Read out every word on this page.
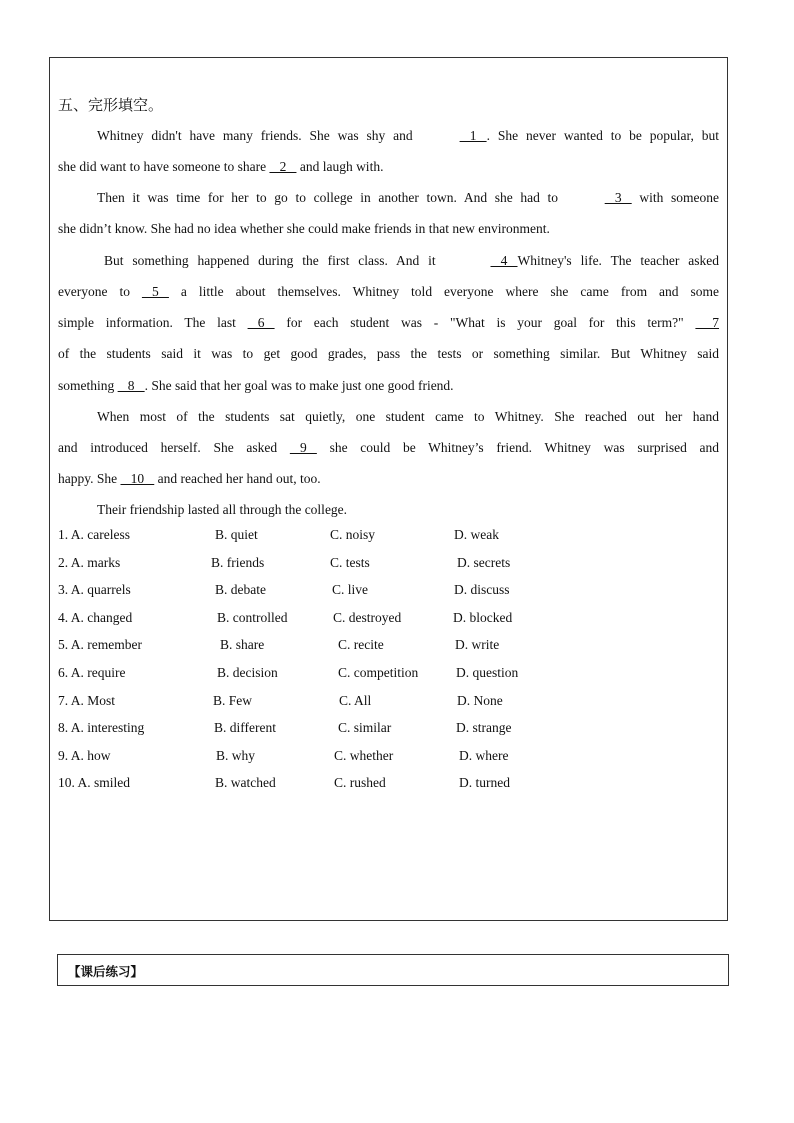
五、完形填空。
Whitney didn't have many friends. She was shy and	1   . She never wanted to be popular, but
she did want to have someone to share    2    and laugh with.
Then it was time for her to go to college in another town. And she had to	3    with someone
she didn’t know. She had no idea whether she could make friends in that new environment.
But something happened during the first class. And it	4   Whitney's life. The teacher asked
everyone to    5    a little about themselves. Whitney told everyone where she came from and some
simple information. The last    6    for each student was - "What is your goal for this term?"      7
of the students said it was to get good grades, pass the tests or something similar. But Whitney said
something    8   . She said that her goal was to make just one good friend.
When most of the students sat quietly, one student came to Whitney. She reached out her hand
and introduced herself. She asked    9    she could be Whitney’s friend. Whitney was surprised and
happy. She    10    and reached her hand out, too.
Their friendship lasted all through the college.
1. A. careless	B. quiet	C. noisy	D. weak
2. A. marks	B. friends	C. tests	D. secrets
3. A. quarrels	B. debate	C. live	D. discuss
4. A. changed	B. controlled	C. destroyed	D. blocked
5. A. remember	B. share	C. recite	D. write
6. A. require	B. decision	C. competition	D. question
7. A. Most	B. Few	C. All	D. None
8. A. interesting	B. different	C. similar	D. strange
9. A. how	B. why	C. whether	D. where
10. A. smiled	B. watched	C. rushed	D. turned
【课后练习】
